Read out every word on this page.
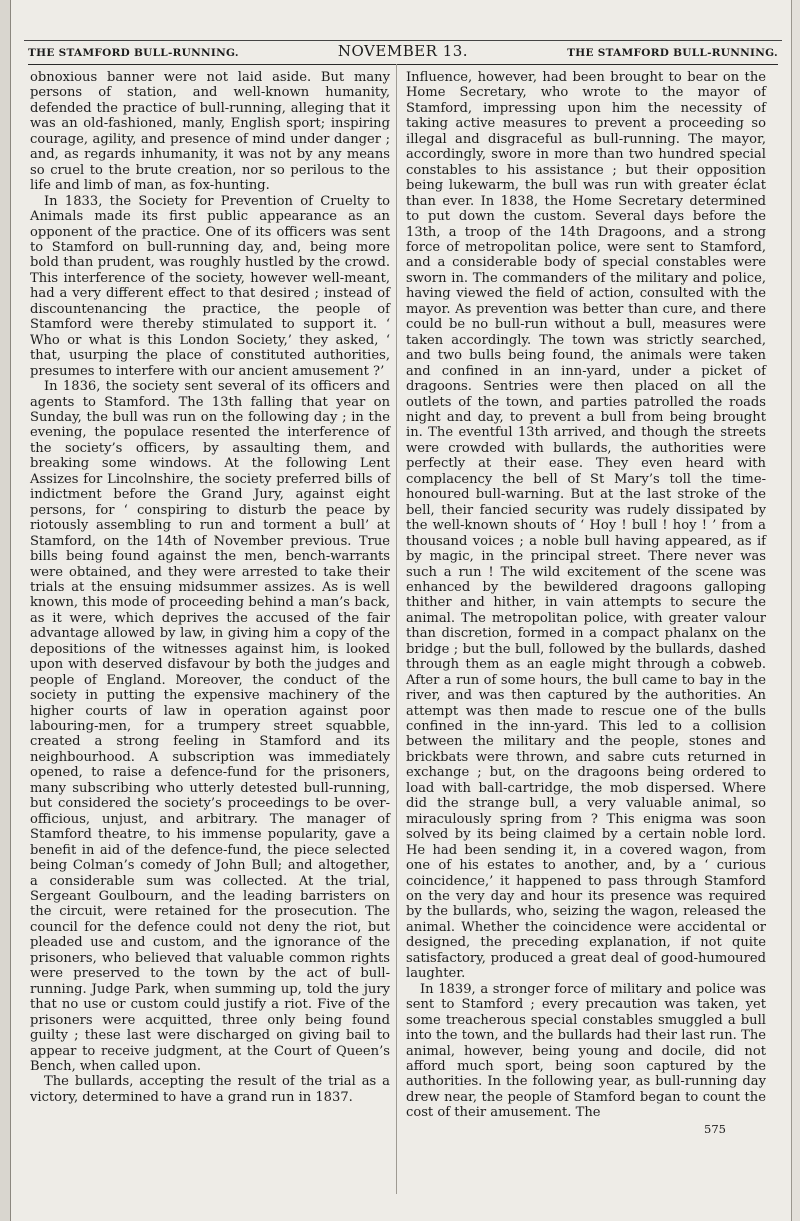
THE STAMFORD BULL-RUNNING.	NOVEMBER 13.	THE STAMFORD BULL-RUNNING.

obnoxious banner were not laid aside. But many persons of station, and well-known humanity, defended the practice of bull-running, alleging that it was an old-fashioned, manly, English sport; inspiring courage, agility, and presence of mind under danger ; and, as regards inhumanity, it was not by any means so cruel to the brute creation, nor so perilous to the life and limb of man, as fox-hunting.

In 1833, the Society for Prevention of Cruelty to Animals made its first public appearance as an opponent of the practice. One of its officers was sent to Stamford on bull-running day, and, being more bold than prudent, was roughly hustled by the crowd. This interference of the society, however well-meant, had a very different effect to that desired ; instead of discountenancing the practice, the people of Stamford were thereby stimulated to support it. ‘ Who or what is this London Society,’ they asked, ‘ that, usurping the place of constituted authorities, presumes to interfere with our ancient amusement ?’

In 1836, the society sent several of its officers and agents to Stamford. The 13th falling that year on Sunday, the bull was run on the following day ; in the evening, the populace resented the interference of the society’s officers, by assaulting them, and breaking some windows. At the following Lent Assizes for Lincolnshire, the society preferred bills of indictment before the Grand Jury, against eight persons, for ‘ conspiring to disturb the peace by riotously assembling to run and torment a bull’ at Stamford, on the 14th of November previous. True bills being found against the men, bench-warrants were obtained, and they were arrested to take their trials at the ensuing midsummer assizes. As is well known, this mode of proceeding behind a man’s back, as it were, which deprives the accused of the fair advantage allowed by law, in giving him a copy of the depositions of the witnesses against him, is looked upon with deserved disfavour by both the judges and people of England. Moreover, the conduct of the society in putting the expensive machinery of the higher courts of law in operation against poor labouring-men, for a trumpery street squabble, created a strong feeling in Stamford and its neighbourhood. A subscription was immediately opened, to raise a defence-fund for the prisoners, many subscribing who utterly detested bull-running, but considered the society’s proceedings to be over-officious, unjust, and arbitrary. The manager of Stamford theatre, to his immense popularity, gave a benefit in aid of the defence-fund, the piece selected being Colman’s comedy of John Bull; and altogether, a considerable sum was collected. At the trial, Sergeant Goulbourn, and the leading barristers on the circuit, were retained for the prosecution. The council for the defence could not deny the riot, but pleaded use and custom, and the ignorance of the prisoners, who believed that valuable common rights were preserved to the town by the act of bull-running. Judge Park, when summing up, told the jury that no use or custom could justify a riot. Five of the prisoners were acquitted, three only being found guilty ; these last were discharged on giving bail to appear to receive judgment, at the Court of Queen’s Bench, when called upon.

The bullards, accepting the result of the trial as a victory, determined to have a grand run in 1837.

Influence, however, had been brought to bear on the Home Secretary, who wrote to the mayor of Stamford, impressing upon him the necessity of taking active measures to prevent a proceeding so illegal and disgraceful as bull-running. The mayor, accordingly, swore in more than two hundred special constables to his assistance ; but their opposition being lukewarm, the bull was run with greater éclat than ever. In 1838, the Home Secretary determined to put down the custom. Several days before the 13th, a troop of the 14th Dragoons, and a strong force of metropolitan police, were sent to Stamford, and a considerable body of special constables were sworn in. The commanders of the military and police, having viewed the field of action, consulted with the mayor. As prevention was better than cure, and there could be no bull-run without a bull, measures were taken accordingly. The town was strictly searched, and two bulls being found, the animals were taken and confined in an inn-yard, under a picket of dragoons. Sentries were then placed on all the outlets of the town, and parties patrolled the roads night and day, to prevent a bull from being brought in. The eventful 13th arrived, and though the streets were crowded with bullards, the authorities were perfectly at their ease. They even heard with complacency the bell of St Mary’s toll the time-honoured bull-warning. But at the last stroke of the bell, their fancied security was rudely dissipated by the well-known shouts of ‘ Hoy ! bull ! hoy ! ’ from a thousand voices ; a noble bull having appeared, as if by magic, in the principal street. There never was such a run ! The wild excitement of the scene was enhanced by the bewildered dragoons galloping thither and hither, in vain attempts to secure the animal. The metropolitan police, with greater valour than discretion, formed in a compact phalanx on the bridge ; but the bull, followed by the bullards, dashed through them as an eagle might through a cobweb. After a run of some hours, the bull came to bay in the river, and was then captured by the authorities. An attempt was then made to rescue one of the bulls confined in the inn-yard. This led to a collision between the military and the people, stones and brickbats were thrown, and sabre cuts returned in exchange ; but, on the dragoons being ordered to load with ball-cartridge, the mob dispersed. Where did the strange bull, a very valuable animal, so miraculously spring from ? This enigma was soon solved by its being claimed by a certain noble lord. He had been sending it, in a covered wagon, from one of his estates to another, and, by a ‘ curious coincidence,’ it happened to pass through Stamford on the very day and hour its presence was required by the bullards, who, seizing the wagon, released the animal. Whether the coincidence were accidental or designed, the preceding explanation, if not quite satisfactory, produced a great deal of good-humoured laughter.

In 1839, a stronger force of military and police was sent to Stamford ; every precaution was taken, yet some treacherous special constables smuggled a bull into the town, and the bullards had their last run. The animal, however, being young and docile, did not afford much sport, being soon captured by the authorities. In the following year, as bull-running day drew near, the people of Stamford began to count the cost of their amusement. The

575
